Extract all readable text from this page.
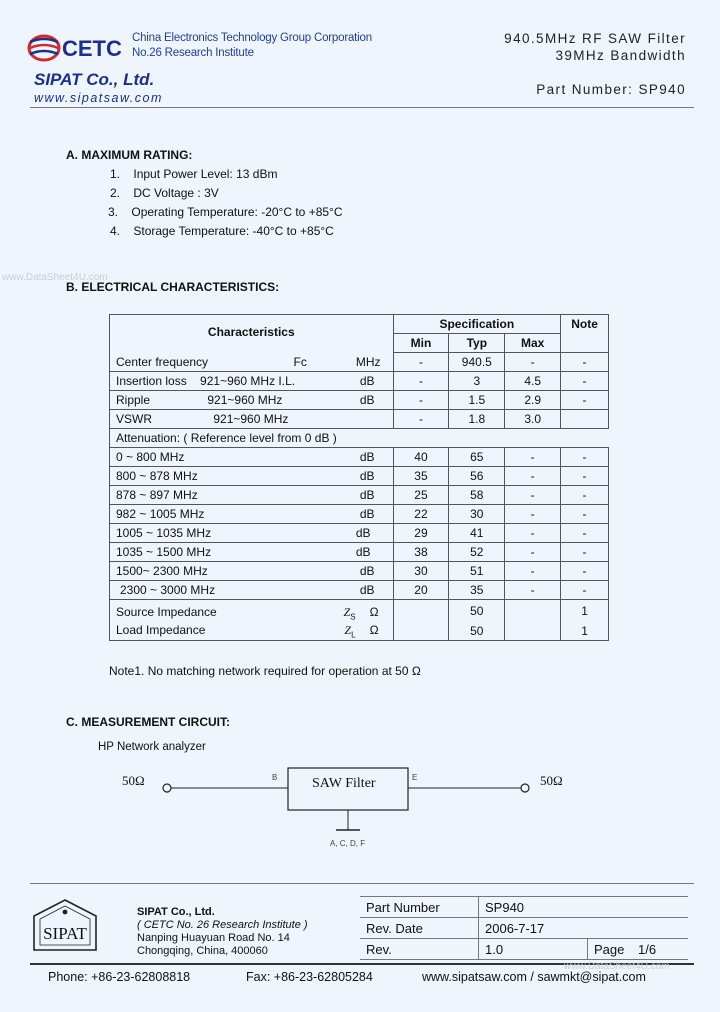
CETC China Electronics Technology Group Corporation
No.26 Research Institute
SIPAT Co., Ltd.
www.sipatsaw.com
940.5MHz RF SAW Filter
39MHz Bandwidth
Part Number: SP940
A. MAXIMUM RATING:
1. Input Power Level: 13 dBm
2. DC Voltage : 3V
3. Operating Temperature: -20°C to +85°C
4. Storage Temperature: -40°C to +85°C
www.DataSheet4U.com
B. ELECTRICAL CHARACTERISTICS:
Characteristics	Specification			Note
	Min	Typ	Max	
Center frequency Fc MHz	-	940.5	-	-
Insertion loss 921~960 MHz I.L. dB	-	3	4.5	-
Ripple 921~960 MHz dB	-	1.5	2.9	-
VSWR 921~960 MHz	-	1.8	3.0	
Attenuation: ( Reference level from 0 dB )				
0 ~ 800 MHz dB	40	65	-	-
800 ~ 878 MHz dB	35	56	-	-
878 ~ 897 MHz dB	25	58	-	-
982 ~ 1005 MHz dB	22	30	-	-
1005 ~ 1035 MHz dB	29	41	-	-
1035 ~ 1500 MHz dB	38	52	-	-
1500~ 2300 MHz dB	30	51	-	-
2300 ~ 3000 MHz dB	20	35	-	-
Source Impedance $Z_S$ Ω		50		1
Load Impedance $Z_L$ Ω		50		1
Note1. No matching network required for operation at 50 Ω
C. MEASUREMENT CIRCUIT:
HP Network analyzer
50Ω	50Ω
SAW Filter
B	E
A, C, D, F
SIPAT
SIPAT Co., Ltd.
( CETC No. 26 Research Institute )
Nanping Huayuan Road No. 14
Chongqing, China, 400060
Part Number	SP940	
Rev. Date	2006-7-17	
Rev.	1.0	Page 1/6
Phone: +86-23-62808818	Fax: +86-23-62805284	www.sipatsaw.com / sawmkt@sipat.com
www.DataSheet4U.com
